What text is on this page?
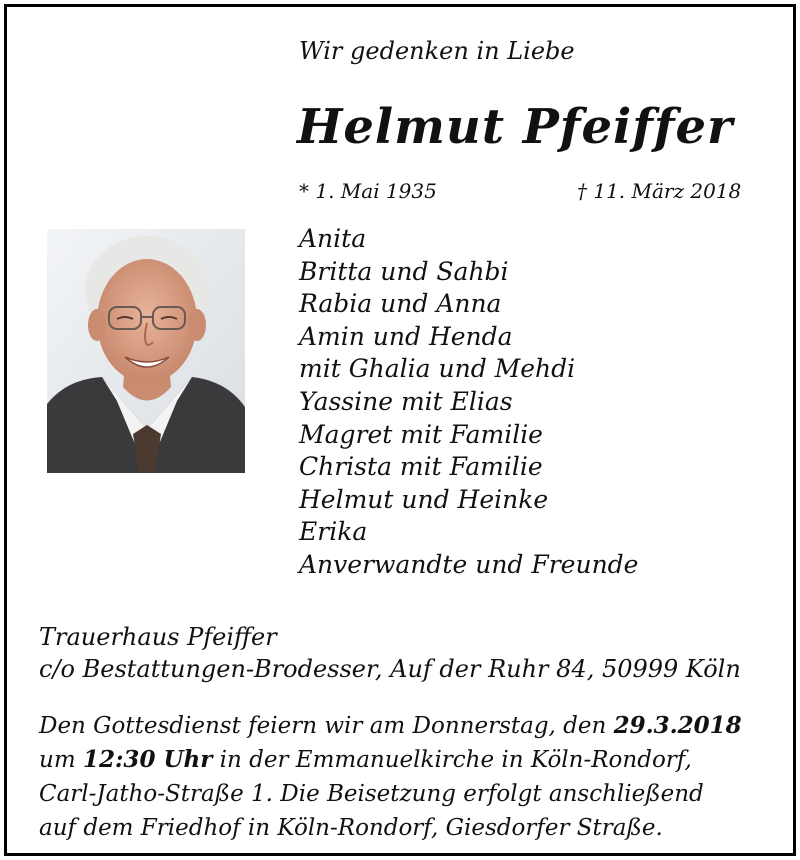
Wir gedenken in Liebe
Helmut Pfeiffer
* 1. Mai 1935	† 11. März 2018
Anita
Britta und Sahbi
Rabia und Anna
Amin und Henda
mit Ghalia und Mehdi
Yassine mit Elias
Magret mit Familie
Christa mit Familie
Helmut und Heinke
Erika
Anverwandte und Freunde
Trauerhaus Pfeiffer
c/o Bestattungen-Brodesser, Auf der Ruhr 84, 50999 Köln
Den Gottesdienst feiern wir am Donnerstag, den 29.3.2018
um 12:30 Uhr in der Emmanuelkirche in Köln-Rondorf,
Carl-Jatho-Straße 1. Die Beisetzung erfolgt anschließend
auf dem Friedhof in Köln-Rondorf, Giesdorfer Straße.
